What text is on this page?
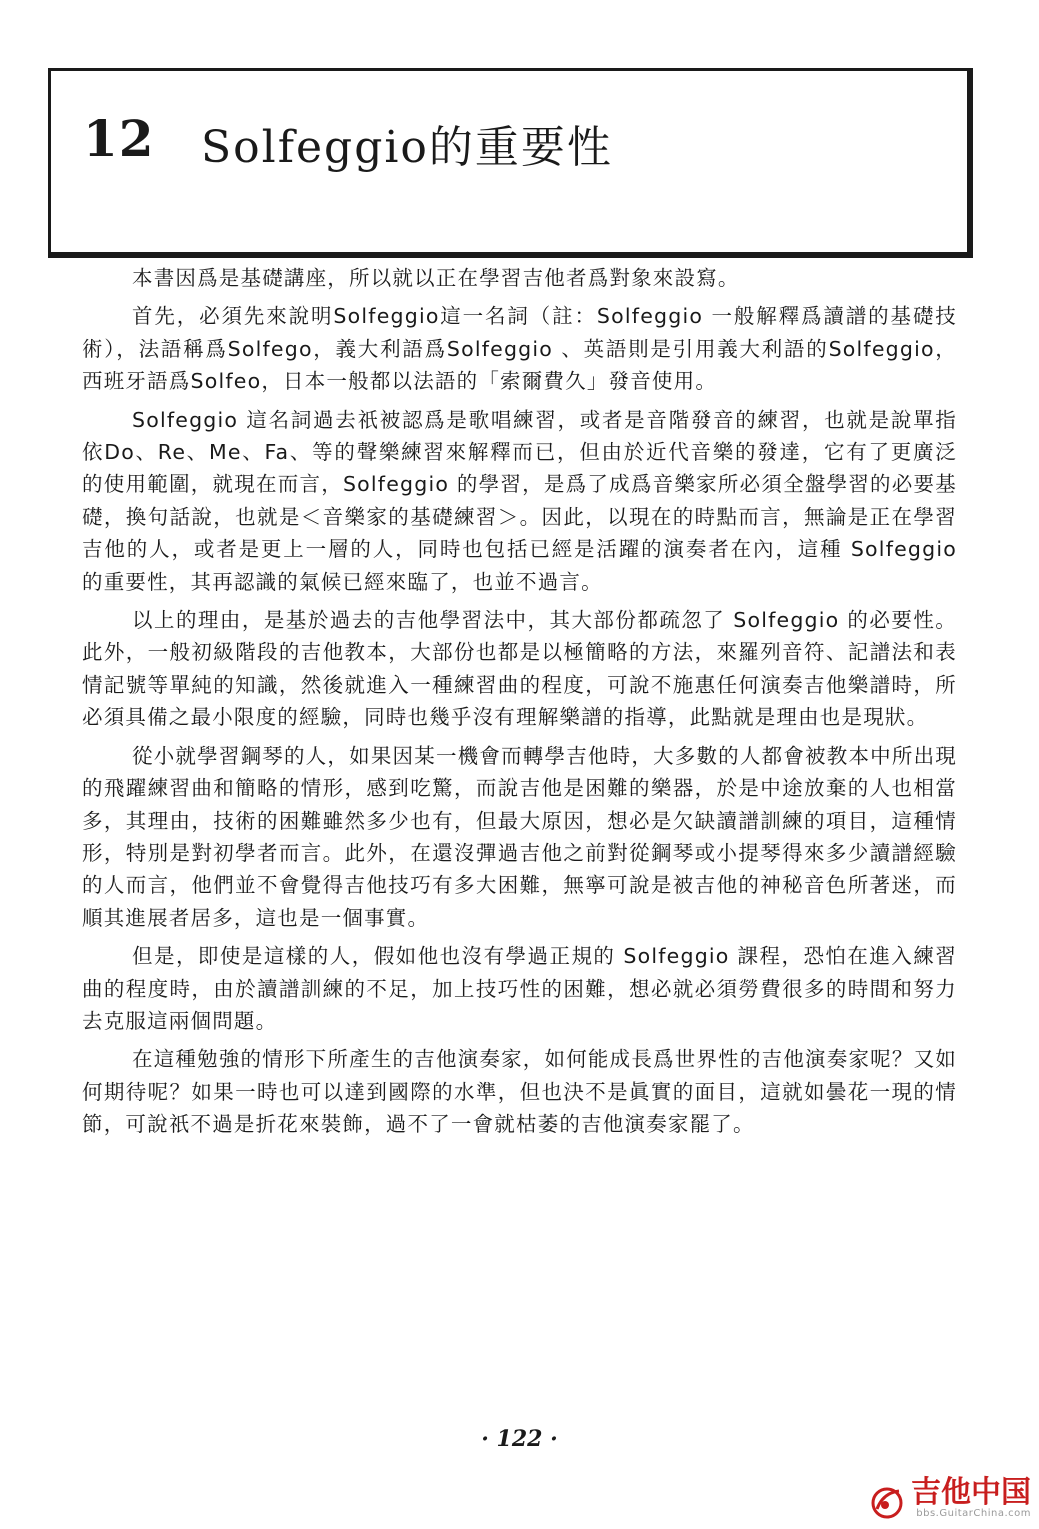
12 Solfeggio的重要性

本書因爲是基礎講座，所以就以正在學習吉他者爲對象來設寫。

首先，必須先來說明Solfeggio這一名詞（註：Solfeggio 一般解釋爲讀譜的基礎技術），法語稱爲Solfego，義大利語爲Solfeggio 、英語則是引用義大利語的Solfeggio，西班牙語爲Solfeo，日本一般都以法語的「索爾費久」發音使用。

Solfeggio 這名詞過去祇被認爲是歌唱練習，或者是音階發音的練習，也就是說單指依Do、Re、Me、Fa、等的聲樂練習來解釋而已，但由於近代音樂的發達，它有了更廣泛的使用範圍，就現在而言，Solfeggio 的學習，是爲了成爲音樂家所必須全盤學習的必要基礎，換句話說，也就是＜音樂家的基礎練習＞。因此，以現在的時點而言，無論是正在學習吉他的人，或者是更上一層的人，同時也包括已經是活躍的演奏者在內，這種 Solfeggio 的重要性，其再認識的氣候已經來臨了，也並不過言。

以上的理由，是基於過去的吉他學習法中，其大部份都疏忽了 Solfeggio 的必要性。此外，一般初級階段的吉他教本，大部份也都是以極簡略的方法，來羅列音符、記譜法和表情記號等單純的知識，然後就進入一種練習曲的程度，可說不施惠任何演奏吉他樂譜時，所必須具備之最小限度的經驗，同時也幾乎沒有理解樂譜的指導，此點就是理由也是現狀。

從小就學習鋼琴的人，如果因某一機會而轉學吉他時，大多數的人都會被教本中所出現的飛躍練習曲和簡略的情形，感到吃驚，而說吉他是困難的樂器，於是中途放棄的人也相當多，其理由，技術的困難雖然多少也有，但最大原因，想必是欠缺讀譜訓練的項目，這種情形，特別是對初學者而言。此外，在還沒彈過吉他之前對從鋼琴或小提琴得來多少讀譜經驗的人而言，他們並不會覺得吉他技巧有多大困難，無寧可說是被吉他的神秘音色所著迷，而順其進展者居多，這也是一個事實。

但是，即使是這樣的人，假如他也沒有學過正規的 Solfeggio 課程，恐怕在進入練習曲的程度時，由於讀譜訓練的不足，加上技巧性的困難，想必就必須勞費很多的時間和努力去克服這兩個問題。

在這種勉強的情形下所產生的吉他演奏家，如何能成長爲世界性的吉他演奏家呢？又如何期待呢？如果一時也可以達到國際的水準，但也決不是眞實的面目，這就如曇花一現的情節，可說祇不過是折花來裝飾，過不了一會就枯萎的吉他演奏家罷了。

· 122 ·
吉他中国
bbs.GuitarChina.com
